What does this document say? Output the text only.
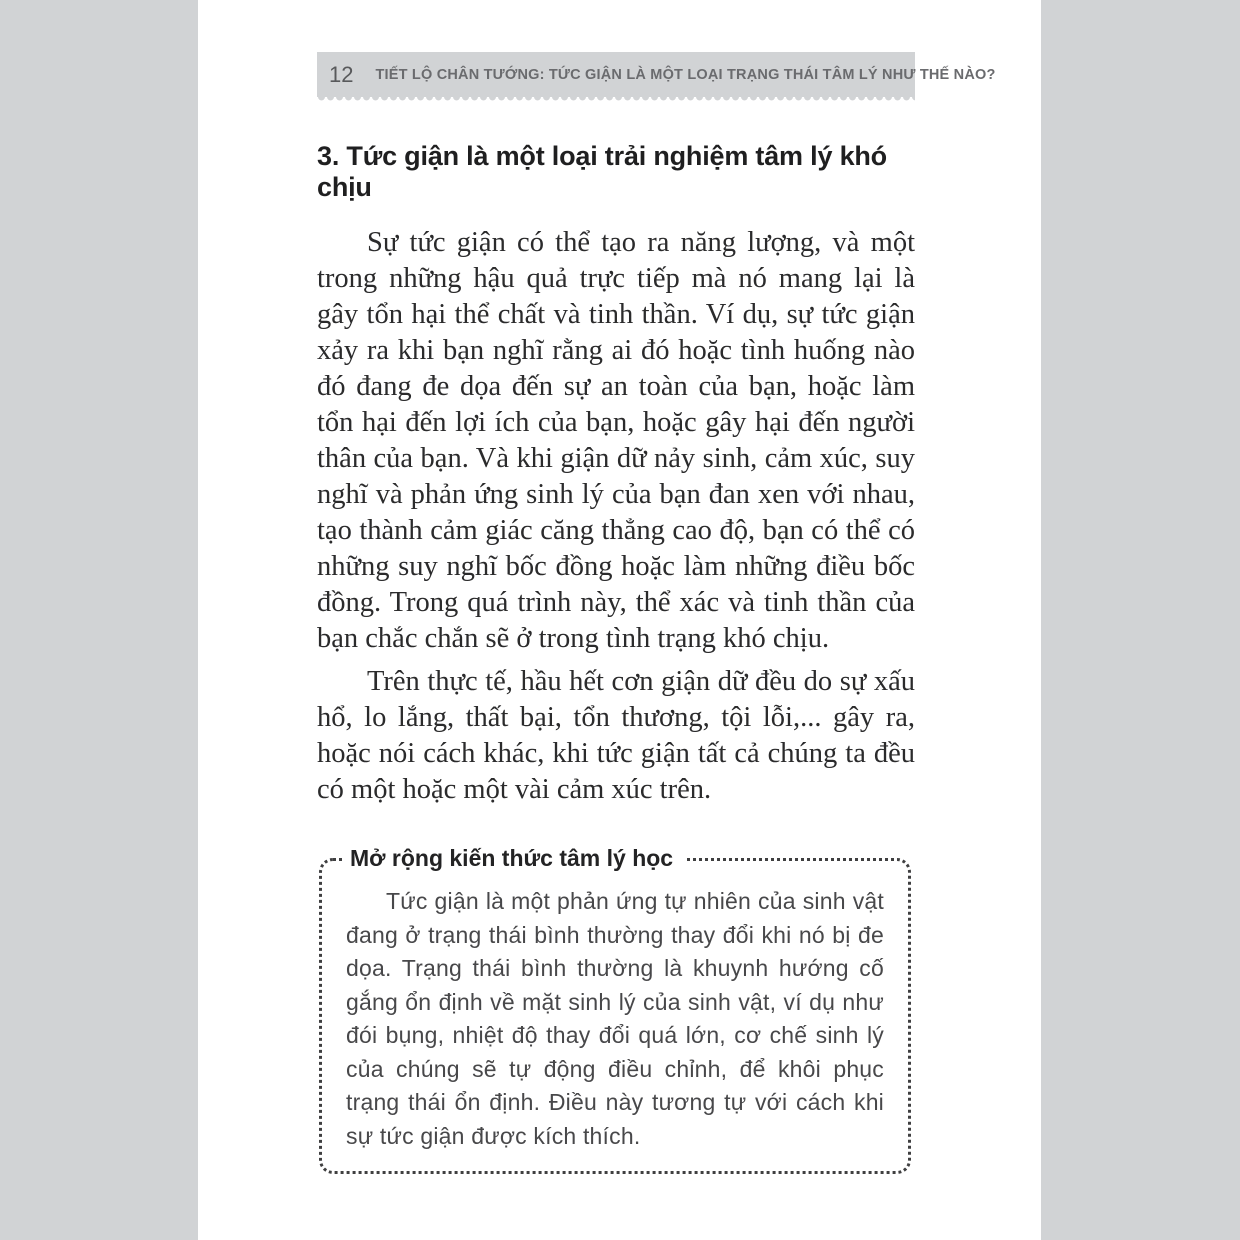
12 TIẾT LỘ CHÂN TƯỚNG: TỨC GIẬN LÀ MỘT LOẠI TRẠNG THÁI TÂM LÝ NHƯ THẾ NÀO?
3. Tức giận là một loại trải nghiệm tâm lý khó chịu

Sự tức giận có thể tạo ra năng lượng, và một trong những hậu quả trực tiếp mà nó mang lại là gây tổn hại thể chất và tinh thần. Ví dụ, sự tức giận xảy ra khi bạn nghĩ rằng ai đó hoặc tình huống nào đó đang đe dọa đến sự an toàn của bạn, hoặc làm tổn hại đến lợi ích của bạn, hoặc gây hại đến người thân của bạn. Và khi giận dữ nảy sinh, cảm xúc, suy nghĩ và phản ứng sinh lý của bạn đan xen với nhau, tạo thành cảm giác căng thẳng cao độ, bạn có thể có những suy nghĩ bốc đồng hoặc làm những điều bốc đồng. Trong quá trình này, thể xác và tinh thần của bạn chắc chắn sẽ ở trong tình trạng khó chịu.

Trên thực tế, hầu hết cơn giận dữ đều do sự xấu hổ, lo lắng, thất bại, tổn thương, tội lỗi,... gây ra, hoặc nói cách khác, khi tức giận tất cả chúng ta đều có một hoặc một vài cảm xúc trên.

Mở rộng kiến thức tâm lý học

Tức giận là một phản ứng tự nhiên của sinh vật đang ở trạng thái bình thường thay đổi khi nó bị đe dọa. Trạng thái bình thường là khuynh hướng cố gắng ổn định về mặt sinh lý của sinh vật, ví dụ như đói bụng, nhiệt độ thay đổi quá lớn, cơ chế sinh lý của chúng sẽ tự động điều chỉnh, để khôi phục trạng thái ổn định. Điều này tương tự với cách khi sự tức giận được kích thích.
